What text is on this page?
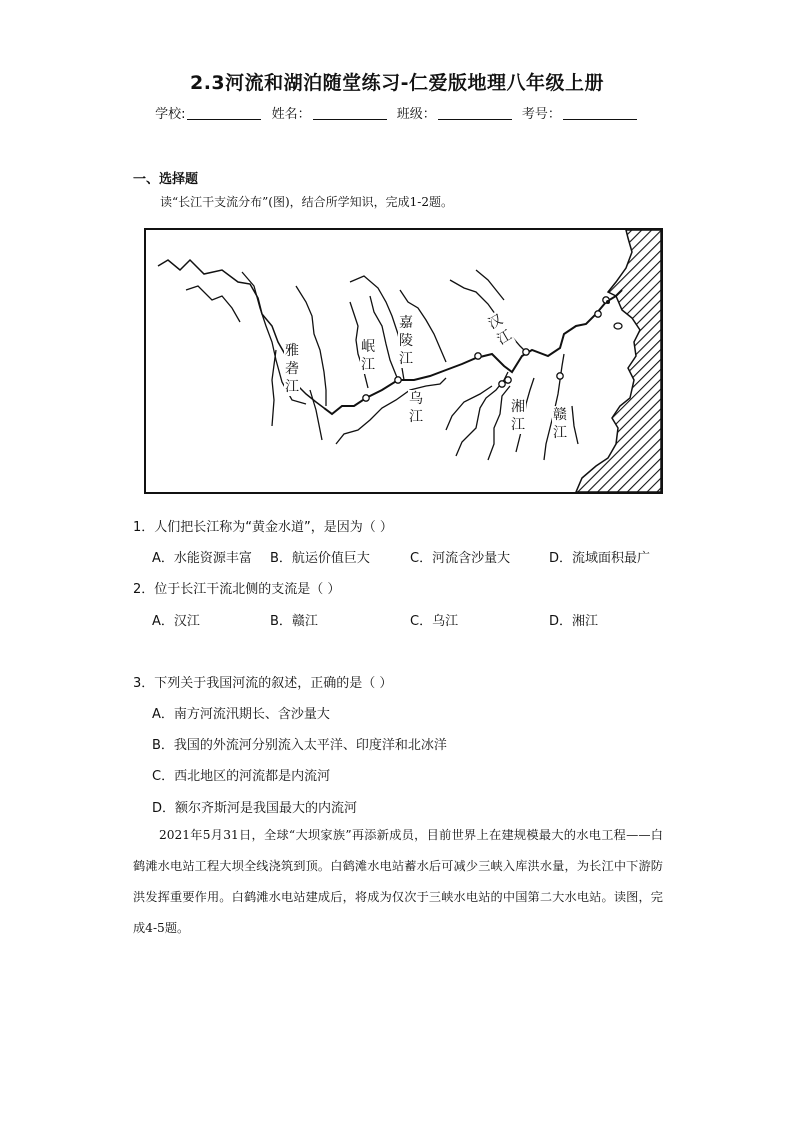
2.3河流和湖泊随堂练习-仁爱版地理八年级上册
学校:	姓名：	班级：	考号：
一、选择题
读“长江干支流分布”(图)，结合所学知识，完成1-2题。
雅砻江
岷江
嘉陵江
乌江
汉江
湘江
赣江
1．人们把长江称为“黄金水道”，是因为（ ）
A．水能资源丰富 B．航运价值巨大	C．河流含沙量大	D．流域面积最广
2．位于长江干流北侧的支流是（ ）
A．汉江	B．赣江	C．乌江	D．湘江
3．下列关于我国河流的叙述，正确的是（ ）
A．南方河流汛期长、含沙量大
B．我国的外流河分别流入太平洋、印度洋和北冰洋
C．西北地区的河流都是内流河
D．额尔齐斯河是我国最大的内流河
2021年5月31日，全球“大坝家族”再添新成员，目前世界上在建规模最大的水电工程——白鹤滩水电站工程大坝全线浇筑到顶。白鹤滩水电站蓄水后可减少三峡入库洪水量，为长江中下游防洪发挥重要作用。白鹤滩水电站建成后，将成为仅次于三峡水电站的中国第二大水电站。读图，完成4-5题。
